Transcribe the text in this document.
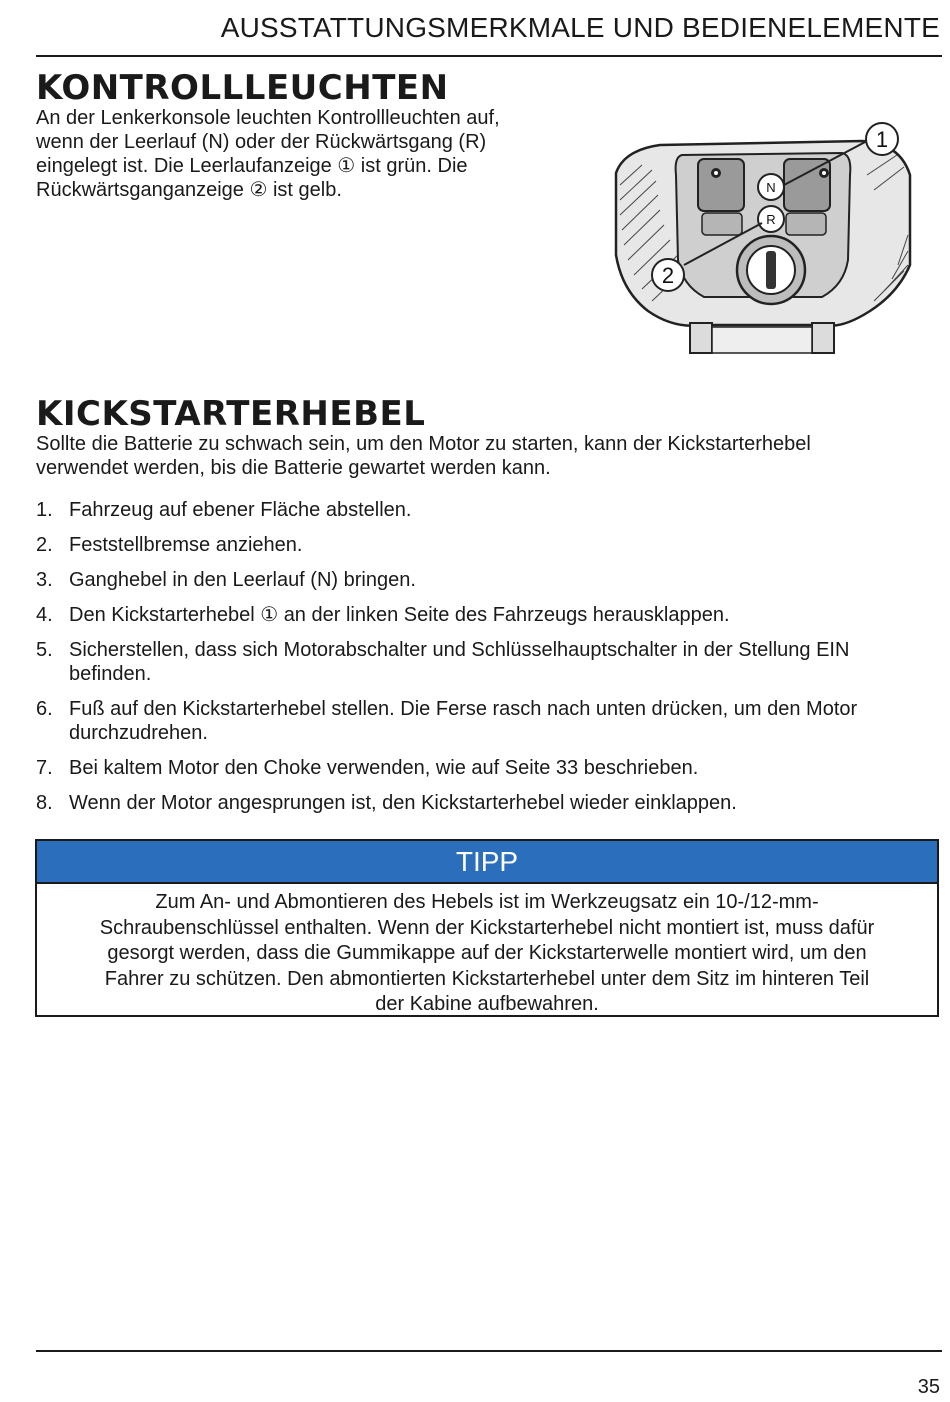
AUSSTATTUNGSMERKMALE UND BEDIENELEMENTE
KONTROLLLEUCHTEN
An der Lenkerkonsole leuchten Kontrollleuchten auf,
wenn der Leerlauf (N) oder der Rückwärtsgang (R)
eingelegt ist. Die Leerlaufanzeige ① ist grün. Die
Rückwärtsganganzeige ② ist gelb.	N
R
1
2
KICKSTARTERHEBEL
Sollte die Batterie zu schwach sein, um den Motor zu starten, kann der Kickstarterhebel
verwendet werden, bis die Batterie gewartet werden kann.
1. Fahrzeug auf ebener Fläche abstellen.
2. Feststellbremse anziehen.
3. Ganghebel in den Leerlauf (N) bringen.
4. Den Kickstarterhebel ① an der linken Seite des Fahrzeugs herausklappen.
5. Sicherstellen, dass sich Motorabschalter und Schlüsselhauptschalter in der Stellung EIN befinden.
6. Fuß auf den Kickstarterhebel stellen. Die Ferse rasch nach unten drücken, um den Motor durchzudrehen.
7. Bei kaltem Motor den Choke verwenden, wie auf Seite 33 beschrieben.
8. Wenn der Motor angesprungen ist, den Kickstarterhebel wieder einklappen.
TIPP
Zum An- und Abmontieren des Hebels ist im Werkzeugsatz ein 10-/12-mm-
Schraubenschlüssel enthalten. Wenn der Kickstarterhebel nicht montiert ist, muss dafür
gesorgt werden, dass die Gummikappe auf der Kickstarterwelle montiert wird, um den
Fahrer zu schützen. Den abmontierten Kickstarterhebel unter dem Sitz im hinteren Teil
der Kabine aufbewahren.
35
